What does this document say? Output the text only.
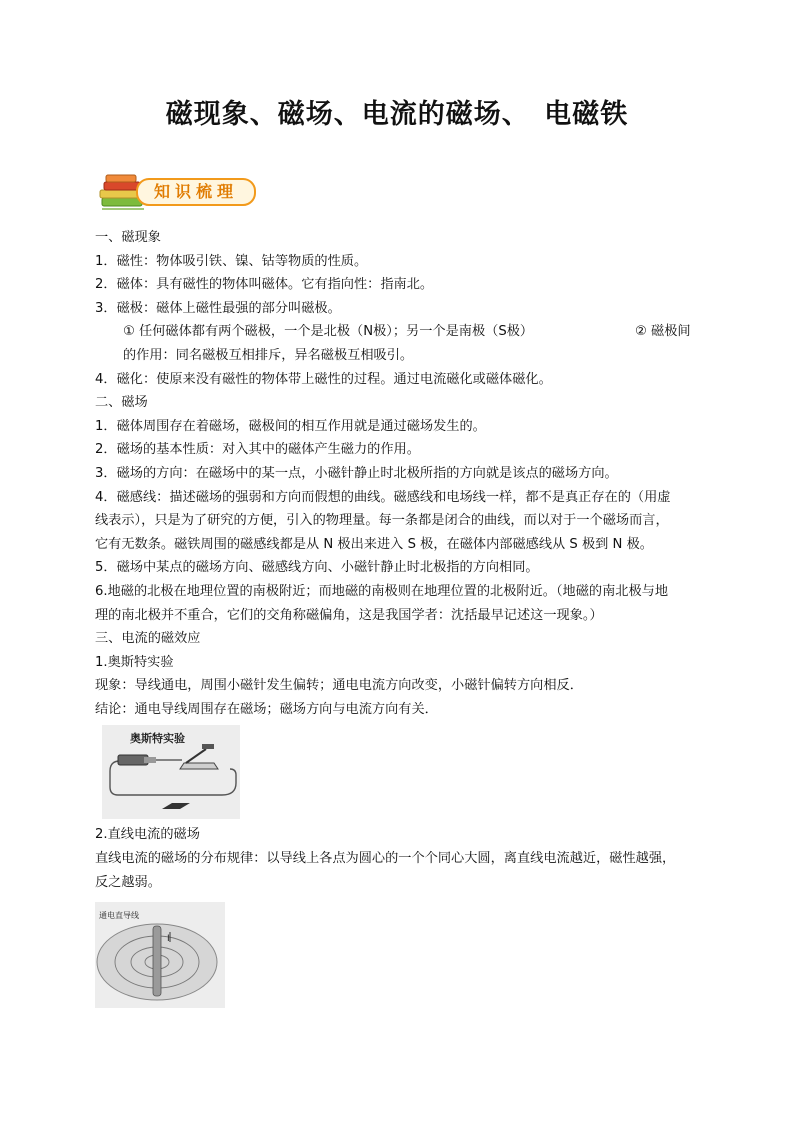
磁现象、磁场、电流的磁场、　电磁铁
知识梳理
一、磁现象
1．磁性：物体吸引铁、镍、钴等物质的性质。
2．磁体：具有磁性的物体叫磁体。它有指向性：指南北。
3．磁极：磁体上磁性最强的部分叫磁极。
① 任何磁体都有两个磁极，一个是北极（N极）；另一个是南极（S极）	② 磁极间
的作用：同名磁极互相排斥，异名磁极互相吸引。
4．磁化：使原来没有磁性的物体带上磁性的过程。通过电流磁化或磁体磁化。
二、磁场
1．磁体周围存在着磁场，磁极间的相互作用就是通过磁场发生的。
2．磁场的基本性质：对入其中的磁体产生磁力的作用。
3．磁场的方向：在磁场中的某一点，小磁针静止时北极所指的方向就是该点的磁场方向。
4．磁感线：描述磁场的强弱和方向而假想的曲线。磁感线和电场线一样，都不是真正存在的（用虚
线表示），只是为了研究的方便，引入的物理量。每一条都是闭合的曲线，而以对于一个磁场而言，
它有无数条。磁铁周围的磁感线都是从 N 极出来进入 S 极，在磁体内部磁感线从 S 极到 N 极。
5．磁场中某点的磁场方向、磁感线方向、小磁针静止时北极指的方向相同。
6.地磁的北极在地理位置的南极附近；而地磁的南极则在地理位置的北极附近。（地磁的南北极与地
理的南北极并不重合，它们的交角称磁偏角，这是我国学者：沈括最早记述这一现象。）
三、电流的磁效应
1.奥斯特实验
现象：导线通电，周围小磁针发生偏转；通电电流方向改变，小磁针偏转方向相反．
结论：通电导线周围存在磁场；磁场方向与电流方向有关．
奥斯特实验
2.直线电流的磁场
直线电流的磁场的分布规律：以导线上各点为圆心的一个个同心大圆，离直线电流越近，磁性越强，
反之越弱。
通电直导线
I
